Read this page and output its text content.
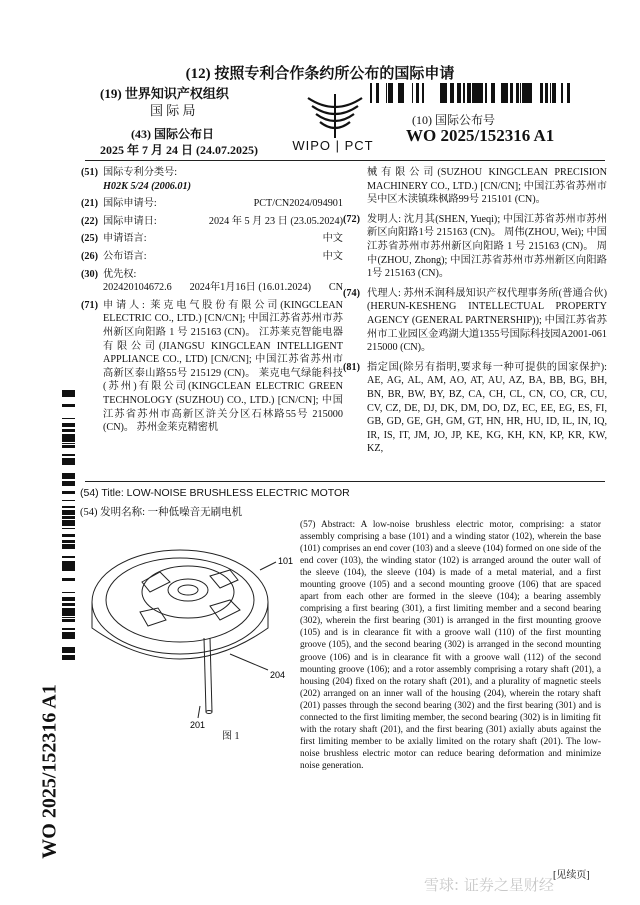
(12) 按照专利合作条约所公布的国际申请
(19) 世界知识产权组织
国 际 局
(43) 国际公布日
2025 年 7 月 24 日 (24.07.2025)	WIPO | PCT
(10) 国际公布号
WO 2025/152316 A1
(51) 国际专利分类号:
H02K 5/24 (2006.01)
(21) 国际申请号:	PCT/CN2024/094901
(22) 国际申请日:	2024 年 5 月 23 日 (23.05.2024)
(25) 申请语言:	中文
(26) 公布语言:	中文
(30) 优先权:

202420104672.6 2024年1月16日 (16.01.2024) CN
(71) 申请人: 莱克电气股份有限公司(KINGCLEAN ELECTRIC CO., LTD.) [CN/CN]; 中国江苏省苏州市苏州新区向阳路 1 号 215163 (CN)。 江苏莱克智能电器有限公司(JIANGSU KINGCLEAN INTELLIGENT APPLIANCE CO., LTD) [CN/CN]; 中国江苏省苏州市高新区泰山路55号 215129 (CN)。 莱克电气绿能科技(苏州)有限公司(KINGCLEAN ELECTRIC GREEN TECHNOLOGY (SUZHOU) CO., LTD.) [CN/CN]; 中国江苏省苏州市高新区浒关分区石林路55号 215000 (CN)。 苏州金莱克精密机
械有限公司(SUZHOU KINGCLEAN PRECISION MACHINERY CO., LTD.) [CN/CN]; 中国江苏省苏州市吴中区木渎镇珠枫路99号 215101 (CN)。
(72) 发明人: 沈月其(SHEN, Yueqi); 中国江苏省苏州市苏州新区向阳路1号 215163 (CN)。 周伟(ZHOU, Wei); 中国江苏省苏州市苏州新区向阳路 1 号 215163 (CN)。 周中(ZHOU, Zhong); 中国江苏省苏州市苏州新区向阳路1号 215163 (CN)。
(74) 代理人: 苏州禾润科晟知识产权代理事务所(普通合伙) (HERUN-KESHENG INTELLECTUAL PROPERTY AGENCY (GENERAL PARTNERSHIP)); 中国江苏省苏州市工业园区金鸡湖大道1355号国际科技园A2001-061 215000 (CN)。
(81) 指定国(除另有指明,要求每一种可提供的国家保护): AE, AG, AL, AM, AO, AT, AU, AZ, BA, BB, BG, BH, BN, BR, BW, BY, BZ, CA, CH, CL, CN, CO, CR, CU, CV, CZ, DE, DJ, DK, DM, DO, DZ, EC, EE, EG, ES, FI, GB, GD, GE, GH, GM, GT, HN, HR, HU, ID, IL, IN, IQ, IR, IS, IT, JM, JO, JP, KE, KG, KH, KN, KP, KR, KW, KZ,
WO 2025/152316 A1
(54) Title: LOW-NOISE BRUSHLESS ELECTRIC MOTOR
(54) 发明名称: 一种低噪音无刷电机
101
204
201
图 1
(57) Abstract: A low-noise brushless electric motor, comprising: a stator assembly comprising a base (101) and a winding stator (102), wherein the base (101) comprises an end cover (103) and a sleeve (104) formed on one side of the end cover (103), the winding stator (102) is arranged around the outer wall of the sleeve (104), the sleeve (104) is made of a metal material, and a first mounting groove (105) and a second mounting groove (106) that are spaced apart from each other are formed in the sleeve (104); a bearing assembly comprising a first bearing (301), a first limiting member and a second bearing (302), wherein the first bearing (301) is arranged in the first mounting groove (105) and is in clearance fit with a groove wall (110) of the first mounting groove (105), and the second bearing (302) is arranged in the second mounting groove (106) and is in clearance fit with a groove wall (112) of the second mounting groove (106); and a rotor assembly comprising a rotary shaft (201), a housing (204) fixed on the rotary shaft (201), and a plurality of magnetic steels (202) arranged on an inner wall of the housing (204), wherein the rotary shaft (201) passes through the second bearing (302) and the first bearing (301) and is connected to the first limiting member, the second bearing (302) is in limiting fit with the rotary shaft (201), and the first bearing (301) axially abuts against the first limiting member to be axially limited on the rotary shaft (201). The low-noise brushless electric motor can reduce bearing deformation and minimize noise generation.
[见续页]
雪球: 证券之星财经
